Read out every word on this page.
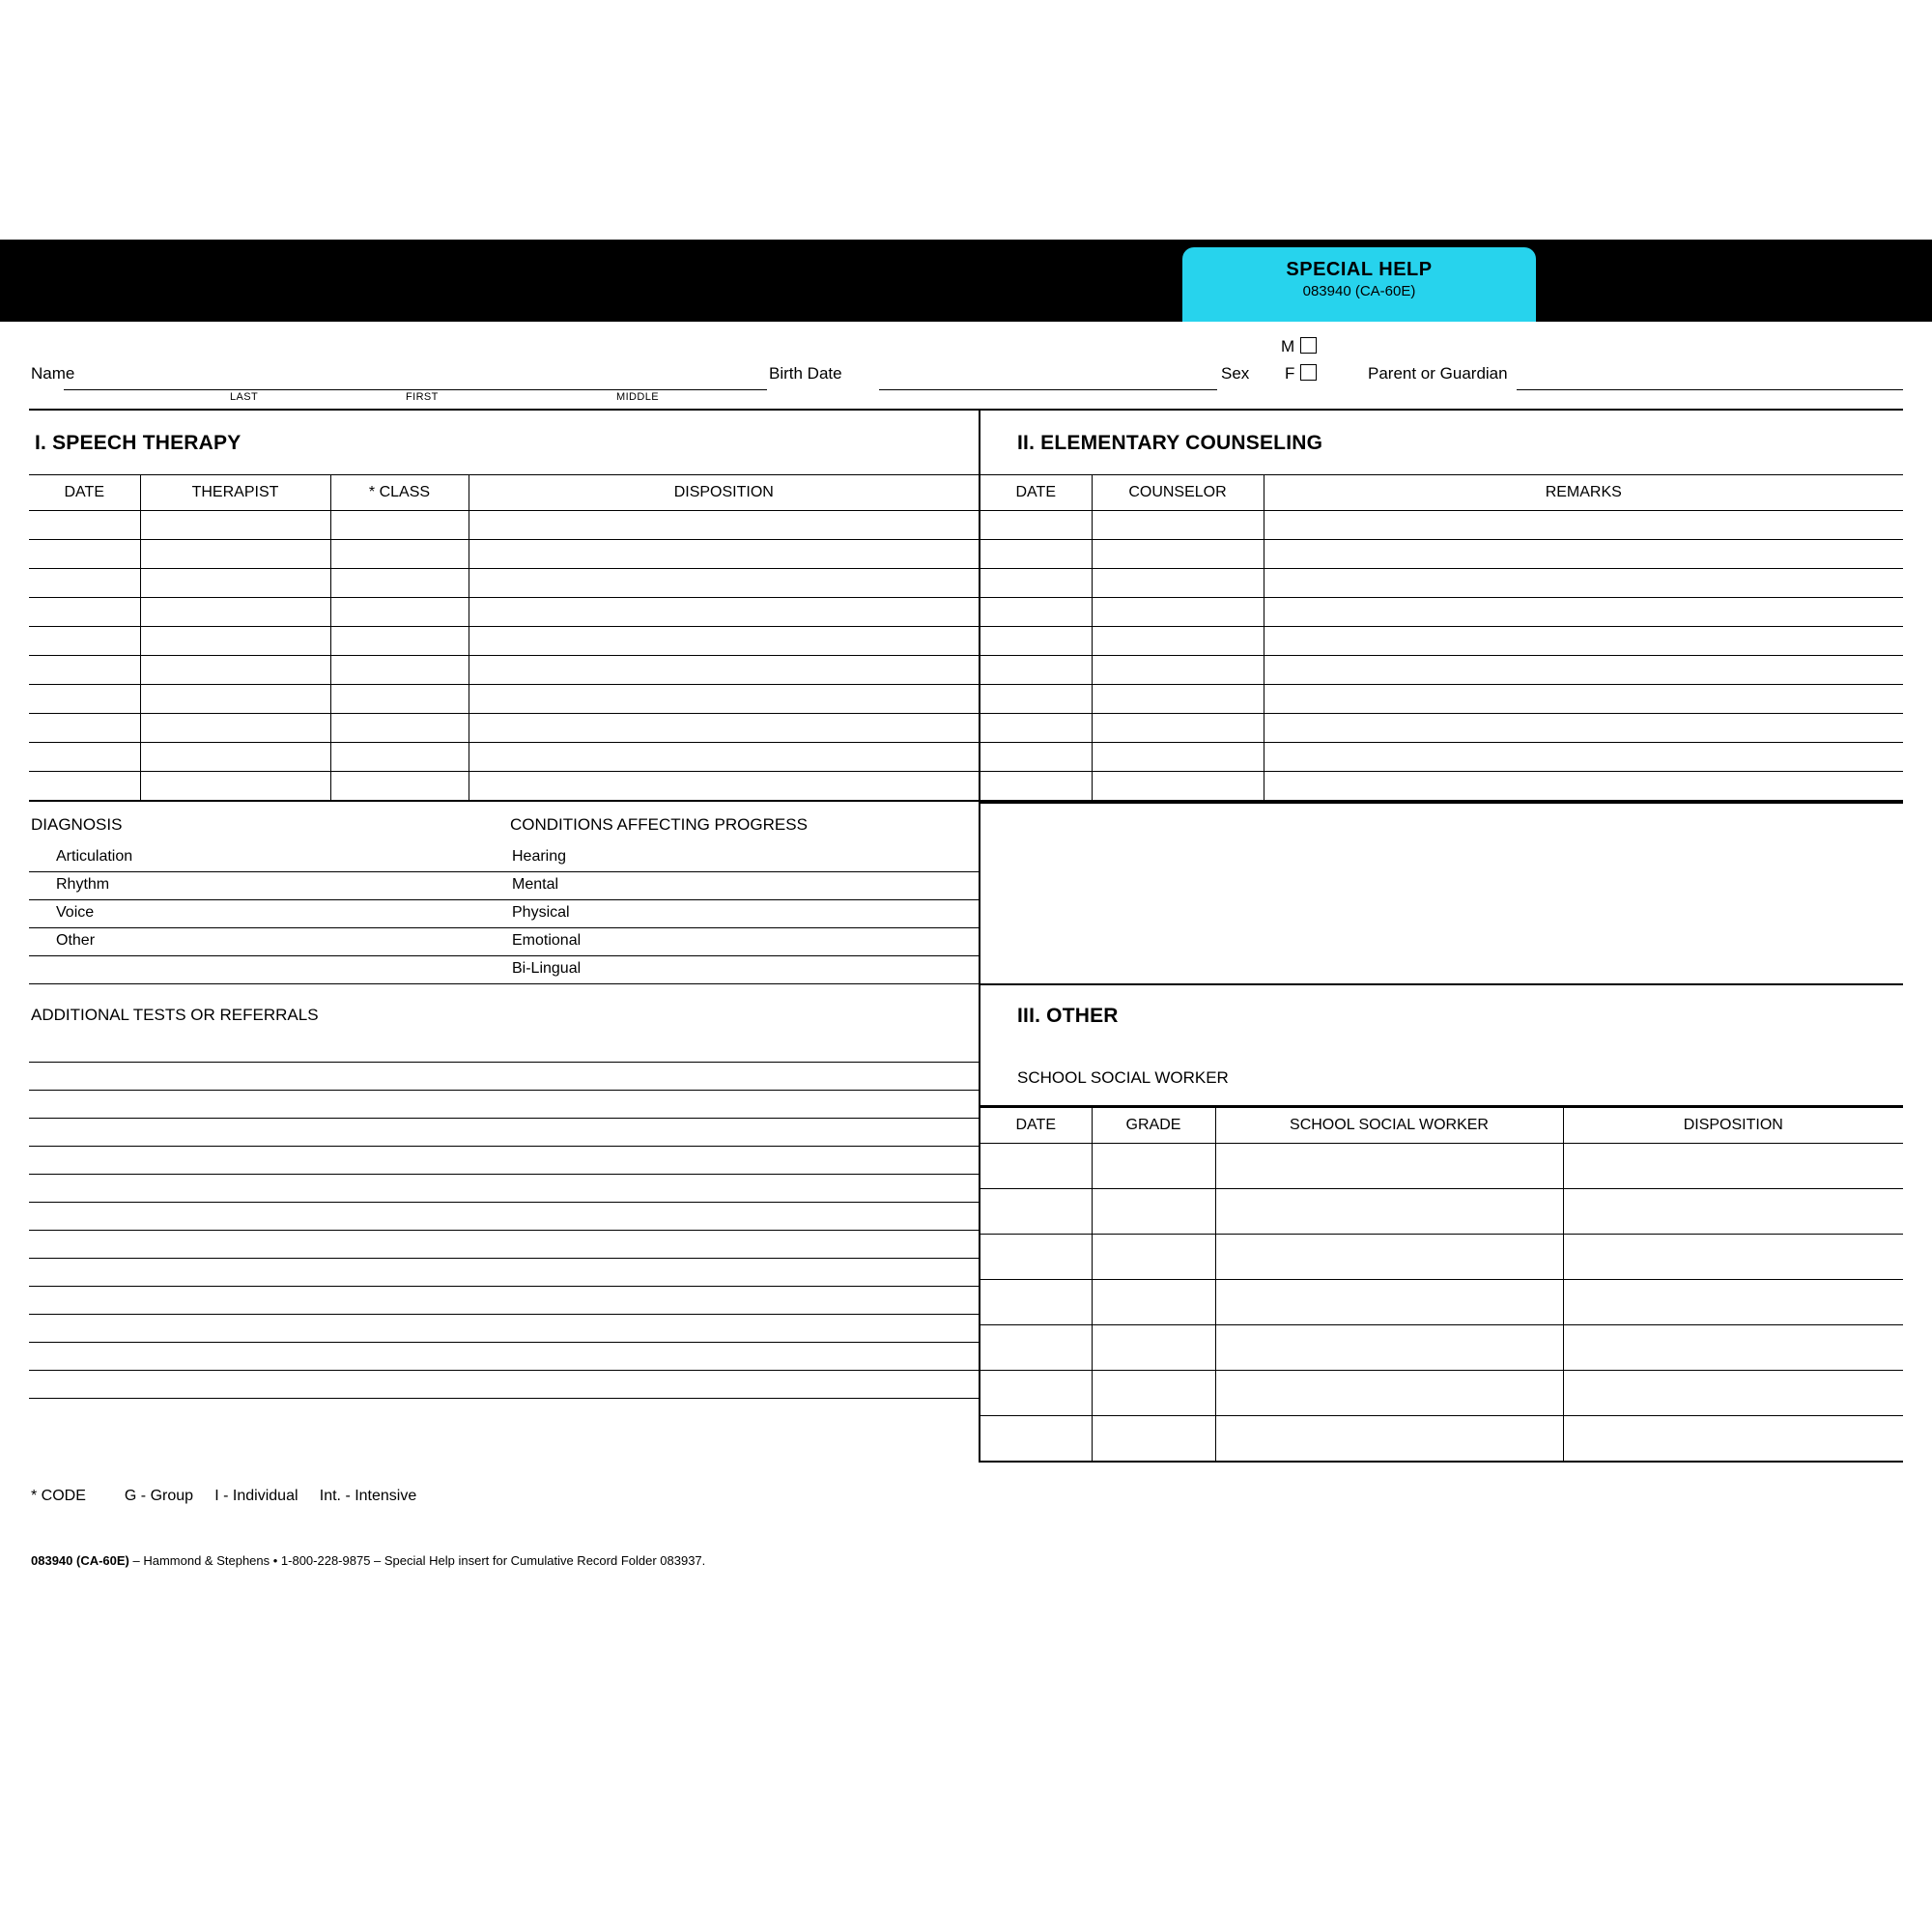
SPECIAL HELP
083940 (CA-60E)
Name
LAST	FIRST	MIDDLE
Birth Date	Sex
M
F	Parent or Guardian
I. SPEECH THERAPY
DATE	THERAPIST	* CLASS	DISPOSITION

DIAGNOSIS	CONDITIONS AFFECTING PROGRESS
Articulation	Hearing
Rhythm	Mental
Voice	Physical
Other	Emotional
Bi-Lingual
ADDITIONAL TESTS OR REFERRALS
II. ELEMENTARY COUNSELING
DATE	COUNSELOR	REMARKS

III. OTHER
SCHOOL SOCIAL WORKER
DATE	GRADE	SCHOOL SOCIAL WORKER	DISPOSITION

* CODE         G - Group     I - Individual     Int. - Intensive
083940 (CA-60E) – Hammond & Stephens • 1-800-228-9875 – Special Help insert for Cumulative Record Folder 083937.
